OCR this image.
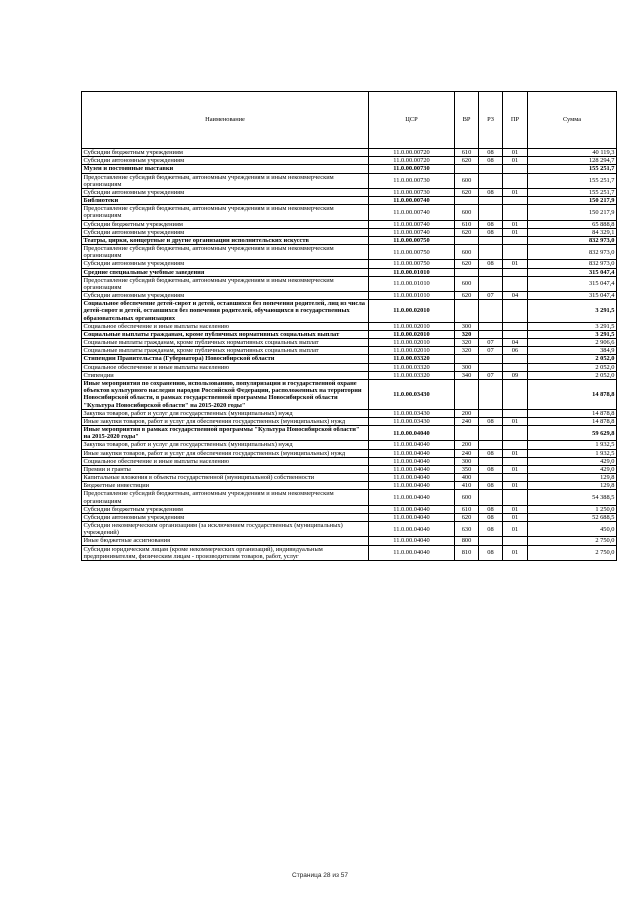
Наименование	ЦСР	ВР	РЗ	ПР	Сумма
Субсидии бюджетным учреждениям	11.0.00.00720	610	08	01	40 119,3
Субсидии автономным учреждениям	11.0.00.00720	620	08	01	128 294,7
Музеи и постоянные выставки	11.0.00.00730				155 251,7
Предоставление субсидий бюджетным, автономным учреждениям и иным некоммерческим организациям	11.0.00.00730	600			155 251,7
Субсидии автономным учреждениям	11.0.00.00730	620	08	01	155 251,7
Библиотеки	11.0.00.00740				150 217,9
Предоставление субсидий бюджетным, автономным учреждениям и иным некоммерческим организациям	11.0.00.00740	600			150 217,9
Субсидии бюджетным учреждениям	11.0.00.00740	610	08	01	65 888,8
Субсидии автономным учреждениям	11.0.00.00740	620	08	01	84 329,1
Театры, цирки, концертные и другие организации исполнительских искусств	11.0.00.00750				832 973,0
Предоставление субсидий бюджетным, автономным учреждениям и иным некоммерческим организациям	11.0.00.00750	600			832 973,0
Субсидии автономным учреждениям	11.0.00.00750	620	08	01	832 973,0
Средние специальные учебные заведения	11.0.00.01010				315 047,4
Предоставление субсидий бюджетным, автономным учреждениям и иным некоммерческим организациям	11.0.00.01010	600			315 047,4
Субсидии автономным учреждениям	11.0.00.01010	620	07	04	315 047,4
Социальное обеспечение детей-сирот и детей, оставшихся без попечения родителей, лиц из числа детей-сирот и детей, оставшихся без попечения родителей, обучающихся в государственных образовательных организациях	11.0.00.02010				3 291,5
Социальное обеспечение и иные выплаты населению	11.0.00.02010	300			3 291,5
Социальные выплаты гражданам, кроме публичных нормативных социальных выплат	11.0.00.02010	320			3 291,5
Социальные выплаты гражданам, кроме публичных нормативных социальных выплат	11.0.00.02010	320	07	04	2 906,6
Социальные выплаты гражданам, кроме публичных нормативных социальных выплат	11.0.00.02010	320	07	06	384,9
Стипендии Правительства (Губернатора) Новосибирской области	11.0.00.03320				2 052,0
Социальное обеспечение и иные выплаты населению	11.0.00.03320	300			2 052,0
Стипендии	11.0.00.03320	340	07	09	2 052,0
Иные мероприятия по сохранению, использованию, популяризации и государственной охране объектов культурного наследия народов Российской Федерации, расположенных на территории Новосибирской области, в рамках государственной программы Новосибирской области "Культура Новосибирской области" на 2015-2020 годы"	11.0.00.03430				14 878,8
Закупка товаров, работ и услуг для государственных (муниципальных) нужд	11.0.00.03430	200			14 878,8
Иные закупки товаров, работ и услуг для обеспечения государственных (муниципальных) нужд	11.0.00.03430	240	08	01	14 878,8
Иные мероприятия в рамках государственной программы "Культура Новосибирской области" на 2015-2020 годы"	11.0.00.04040				59 629,8
Закупка товаров, работ и услуг для государственных (муниципальных) нужд	11.0.00.04040	200			1 932,5
Иные закупки товаров, работ и услуг для обеспечения государственных (муниципальных) нужд	11.0.00.04040	240	08	01	1 932,5
Социальное обеспечение и иные выплаты населению	11.0.00.04040	300			429,0
Премии и гранты	11.0.00.04040	350	08	01	429,0
Капитальные вложения в объекты государственной (муниципальной) собственности	11.0.00.04040	400			129,8
Бюджетные инвестиции	11.0.00.04040	410	08	01	129,8
Предоставление субсидий бюджетным, автономным учреждениям и иным некоммерческим организациям	11.0.00.04040	600			54 388,5
Субсидии бюджетным учреждениям	11.0.00.04040	610	08	01	1 250,0
Субсидии автономным учреждениям	11.0.00.04040	620	08	01	52 688,5
Субсидии некоммерческим организациям (за исключением государственных (муниципальных) учреждений)	11.0.00.04040	630	08	01	450,0
Иные бюджетные ассигнования	11.0.00.04040	800			2 750,0
Субсидии юридическим лицам (кроме некоммерческих организаций), индивидуальным предпринимателям, физическим лицам - производителям товаров, работ, услуг	11.0.00.04040	810	08	01	2 750,0
Страница 28 из 57
